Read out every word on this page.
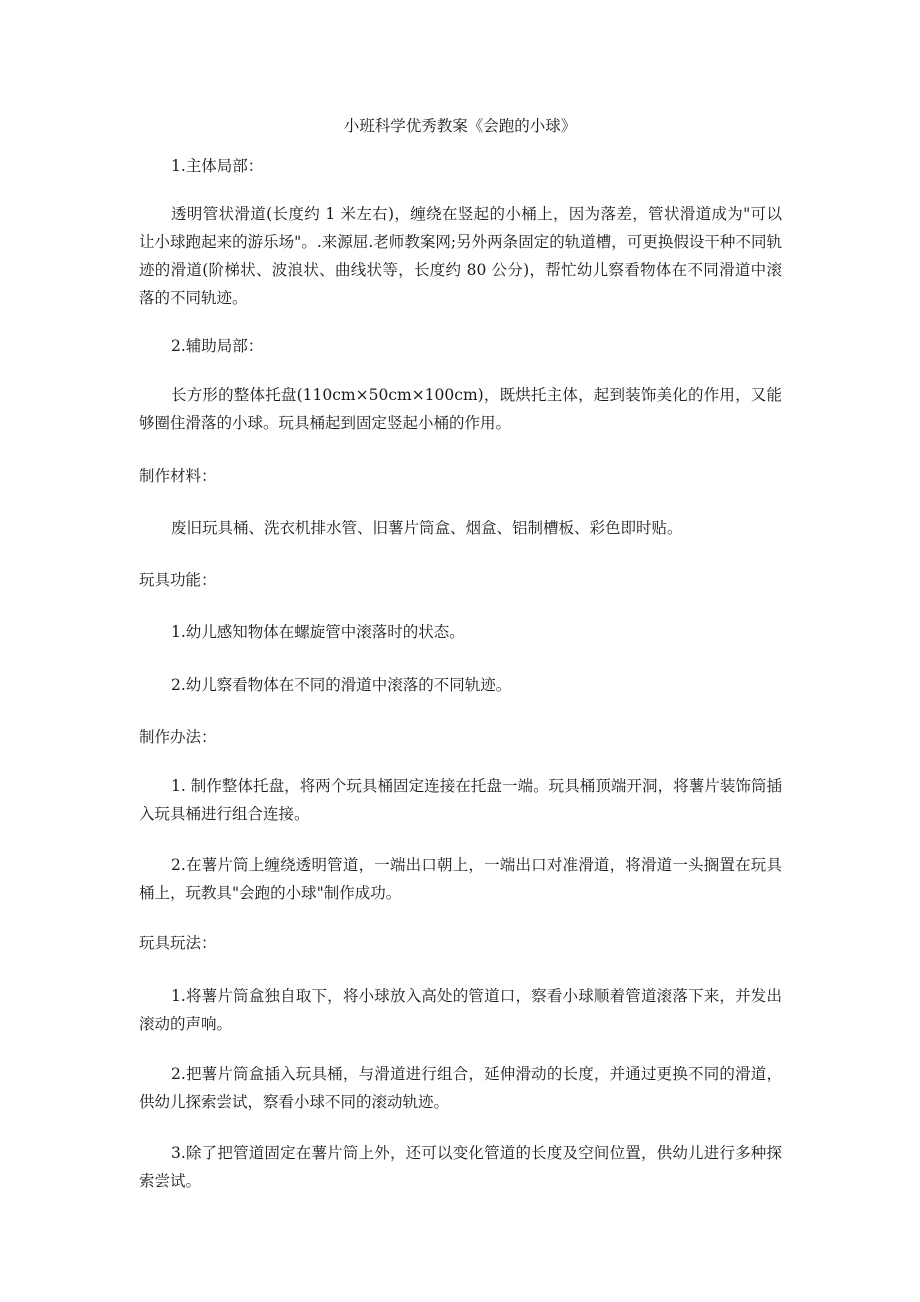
小班科学优秀教案《会跑的小球》

1.主体局部：

透明管状滑道(长度约 1 米左右)，缠绕在竖起的小桶上，因为落差，管状滑道成为"可以让小球跑起来的游乐场"。.来源屈.老师教案网;另外两条固定的轨道槽，可更换假设干种不同轨迹的滑道(阶梯状、波浪状、曲线状等，长度约 80 公分)，帮忙幼儿察看物体在不同滑道中滚落的不同轨迹。

2.辅助局部：

长方形的整体托盘(110cm×50cm×100cm)，既烘托主体，起到装饰美化的作用，又能够圈住滑落的小球。玩具桶起到固定竖起小桶的作用。

制作材料：

废旧玩具桶、洗衣机排水管、旧薯片筒盒、烟盒、铝制槽板、彩色即时贴。

玩具功能：

1.幼儿感知物体在螺旋管中滚落时的状态。

2.幼儿察看物体在不同的滑道中滚落的不同轨迹。

制作办法：

1. 制作整体托盘，将两个玩具桶固定连接在托盘一端。玩具桶顶端开洞，将薯片装饰筒插入玩具桶进行组合连接。

2.在薯片筒上缠绕透明管道，一端出口朝上，一端出口对准滑道，将滑道一头搁置在玩具桶上，玩教具"会跑的小球"制作成功。

玩具玩法：

1.将薯片筒盒独自取下，将小球放入高处的管道口，察看小球顺着管道滚落下来，并发出滚动的声响。

2.把薯片筒盒插入玩具桶，与滑道进行组合，延伸滑动的长度，并通过更换不同的滑道，供幼儿探索尝试，察看小球不同的滚动轨迹。

3.除了把管道固定在薯片筒上外，还可以变化管道的长度及空间位置，供幼儿进行多种探索尝试。
